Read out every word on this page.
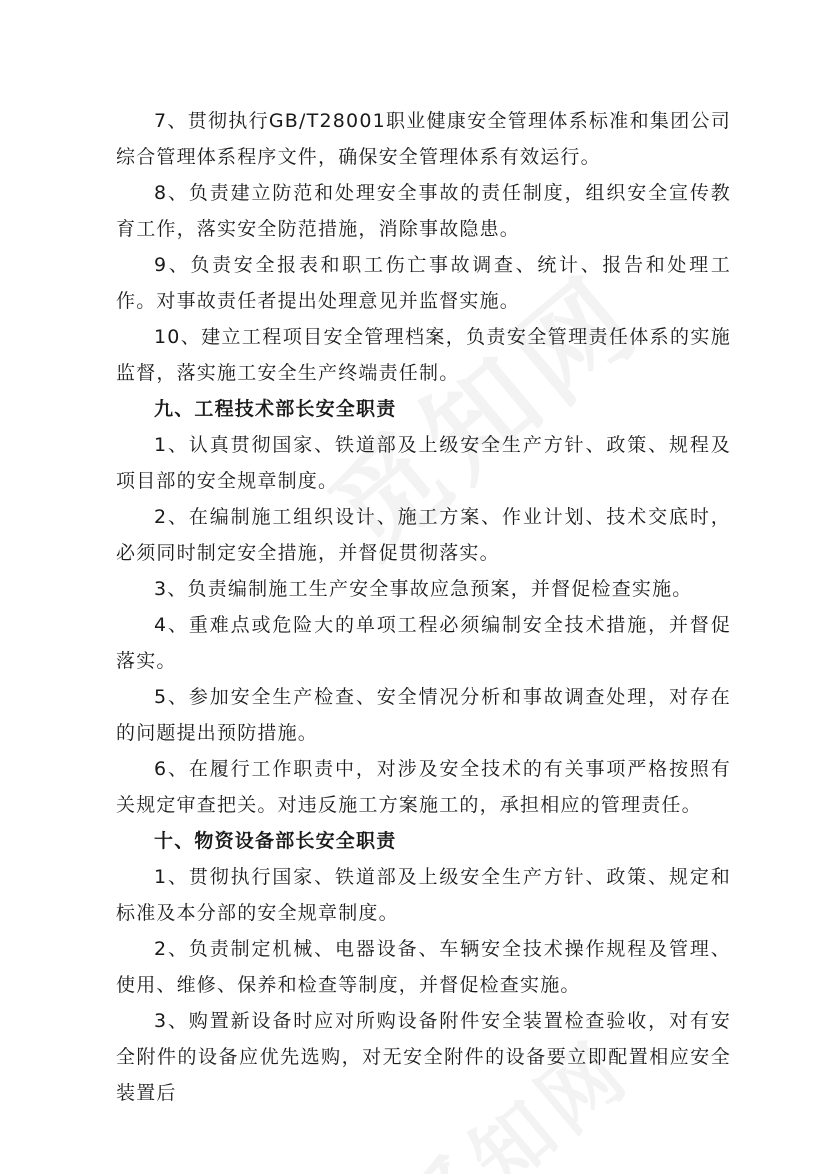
7、贯彻执行GB/T28001职业健康安全管理体系标准和集团公司综合管理体系程序文件，确保安全管理体系有效运行。

8、负责建立防范和处理安全事故的责任制度，组织安全宣传教育工作，落实安全防范措施，消除事故隐患。

9、负责安全报表和职工伤亡事故调查、统计、报告和处理工作。对事故责任者提出处理意见并监督实施。

10、建立工程项目安全管理档案，负责安全管理责任体系的实施监督，落实施工安全生产终端责任制。

九、工程技术部长安全职责

1、认真贯彻国家、铁道部及上级安全生产方针、政策、规程及项目部的安全规章制度。

2、在编制施工组织设计、施工方案、作业计划、技术交底时，必须同时制定安全措施，并督促贯彻落实。

3、负责编制施工生产安全事故应急预案，并督促检查实施。

4、重难点或危险大的单项工程必须编制安全技术措施，并督促落实。

5、参加安全生产检查、安全情况分析和事故调查处理，对存在的问题提出预防措施。

6、在履行工作职责中，对涉及安全技术的有关事项严格按照有关规定审查把关。对违反施工方案施工的，承担相应的管理责任。

十、物资设备部长安全职责

1、贯彻执行国家、铁道部及上级安全生产方针、政策、规定和标准及本分部的安全规章制度。

2、负责制定机械、电器设备、车辆安全技术操作规程及管理、使用、维修、保养和检查等制度，并督促检查实施。

3、购置新设备时应对所购设备附件安全装置检查验收，对有安全附件的设备应优先选购，对无安全附件的设备要立即配置相应安全装置后
